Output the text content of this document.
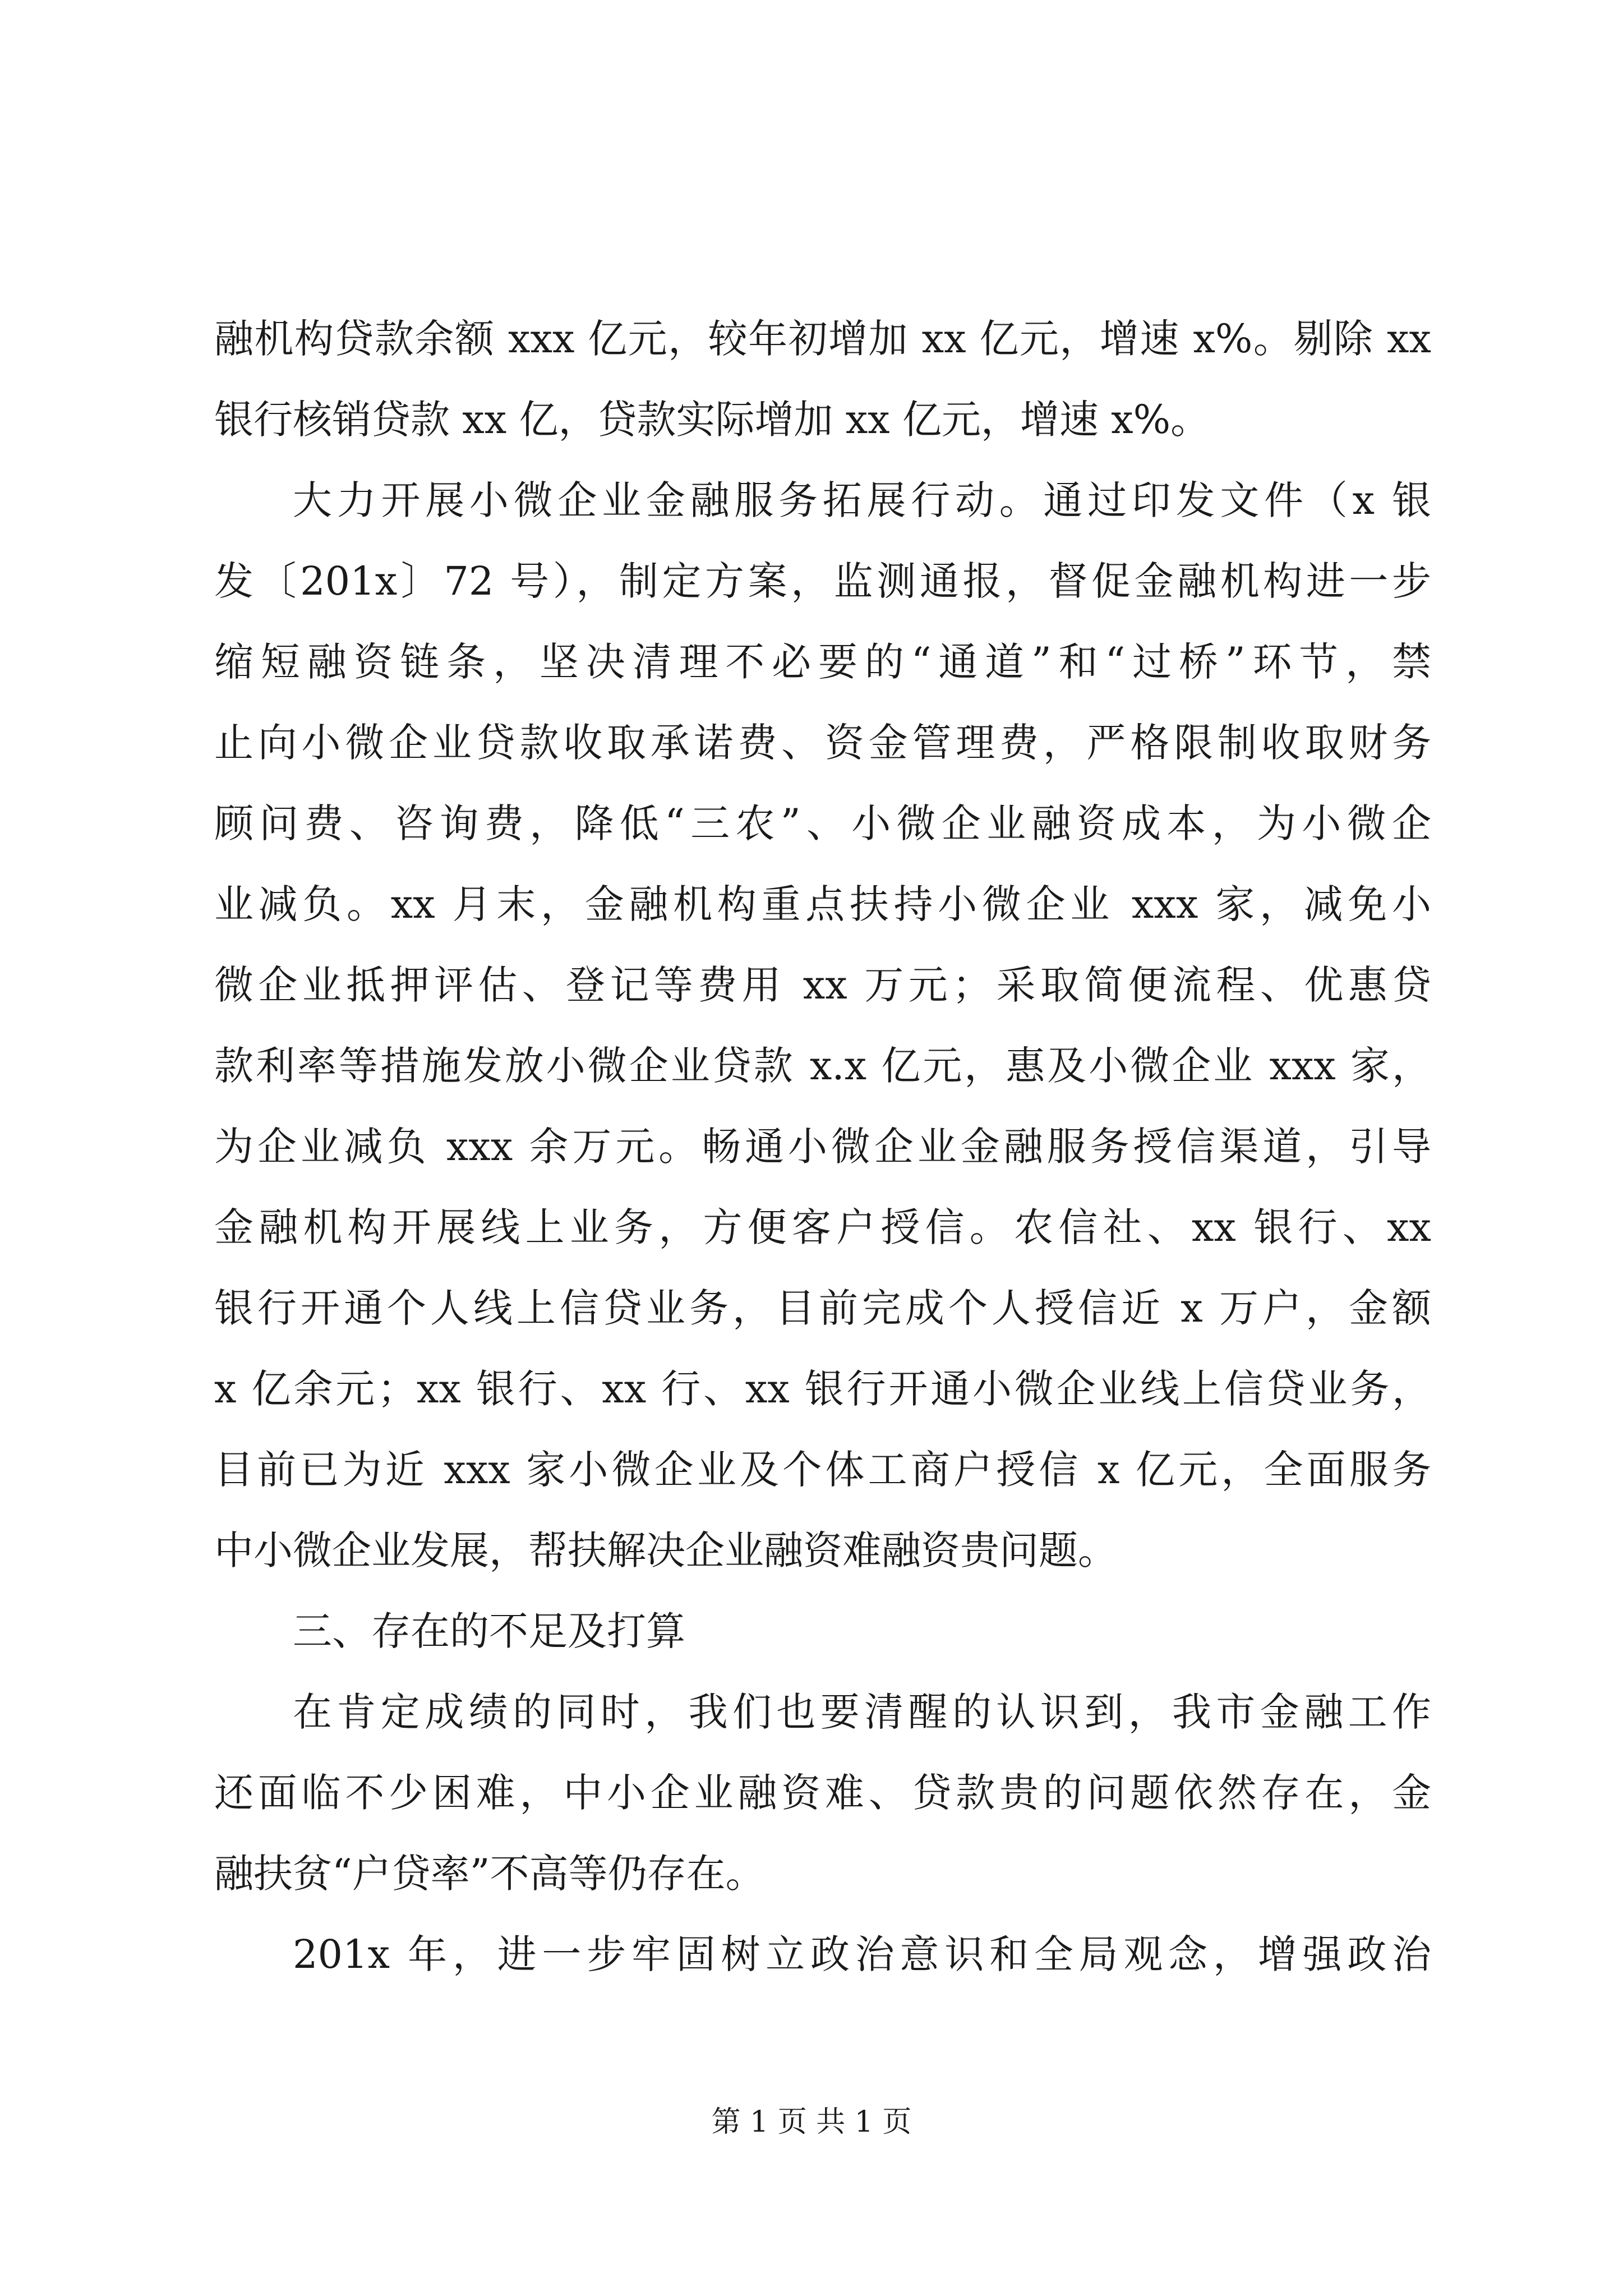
融机构贷款余额 xxx 亿元，较年初增加 xx 亿元，增速 x%。剔除 xx
银行核销贷款 xx 亿，贷款实际增加 xx 亿元，增速 x%。
大力开展小微企业金融服务拓展行动。通过印发文件（x 银
发〔201x〕72 号），制定方案，监测通报，督促金融机构进一步
缩短融资链条，坚决清理不必要的“通道”和“过桥”环节，禁
止向小微企业贷款收取承诺费、资金管理费，严格限制收取财务
顾问费、咨询费，降低“三农”、小微企业融资成本，为小微企
业减负。xx 月末，金融机构重点扶持小微企业 xxx 家，减免小
微企业抵押评估、登记等费用 xx 万元；采取简便流程、优惠贷
款利率等措施发放小微企业贷款 x.x 亿元，惠及小微企业 xxx 家，
为企业减负 xxx 余万元。畅通小微企业金融服务授信渠道，引导
金融机构开展线上业务，方便客户授信。农信社、xx 银行、xx
银行开通个人线上信贷业务，目前完成个人授信近 x 万户，金额
x 亿余元；xx 银行、xx 行、xx 银行开通小微企业线上信贷业务，
目前已为近 xxx 家小微企业及个体工商户授信 x 亿元，全面服务
中小微企业发展，帮扶解决企业融资难融资贵问题。
三、存在的不足及打算
在肯定成绩的同时，我们也要清醒的认识到，我市金融工作
还面临不少困难，中小企业融资难、贷款贵的问题依然存在，金
融扶贫“户贷率”不高等仍存在。
201x 年，进一步牢固树立政治意识和全局观念，增强政治
第 1 页 共 1 页
